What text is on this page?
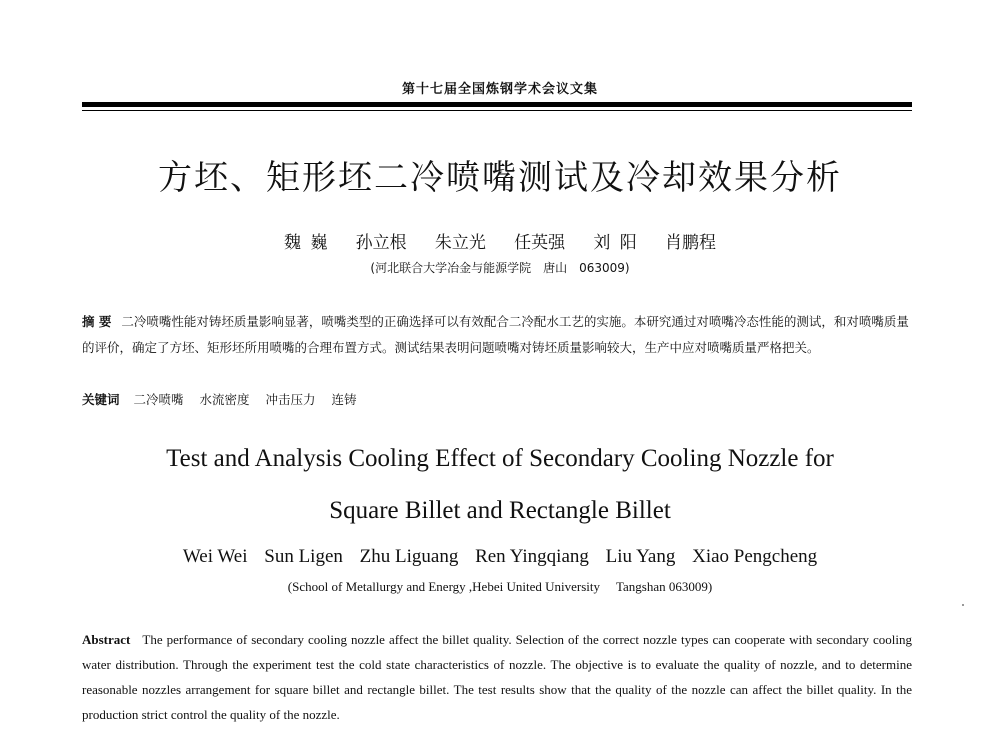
第十七届全国炼钢学术会议文集
方坯、矩形坯二冷喷嘴测试及冷却效果分析
魏 巍 孙立根 朱立光 任英强 刘 阳 肖鹏程
(河北联合大学冶金与能源学院　唐山　063009)
摘 要 二冷喷嘴性能对铸坯质量影响显著，喷嘴类型的正确选择可以有效配合二冷配水工艺的实施。本研究通过对喷嘴冷态性能的测试，和对喷嘴质量的评价，确定了方坯、矩形坯所用喷嘴的合理布置方式。测试结果表明问题喷嘴对铸坯质量影响较大，生产中应对喷嘴质量严格把关。
关键词 二冷喷嘴 水流密度 冲击压力 连铸
Test and Analysis Cooling Effect of Secondary Cooling Nozzle for
Square Billet and Rectangle Billet
Wei Wei Sun Ligen Zhu Liguang Ren Yingqiang Liu Yang Xiao Pengcheng
(School of Metallurgy and Energy ,Hebei United University　 Tangshan 063009)
Abstract The performance of secondary cooling nozzle affect the billet quality. Selection of the correct nozzle types can cooperate with secondary cooling water distribution. Through the experiment test the cold state characteristics of nozzle. The objective is to evaluate the quality of nozzle, and to determine reasonable nozzles arrangement for square billet and rectangle billet. The test results show that the quality of the nozzle can affect the billet quality. In the production strict control the quality of the nozzle.
